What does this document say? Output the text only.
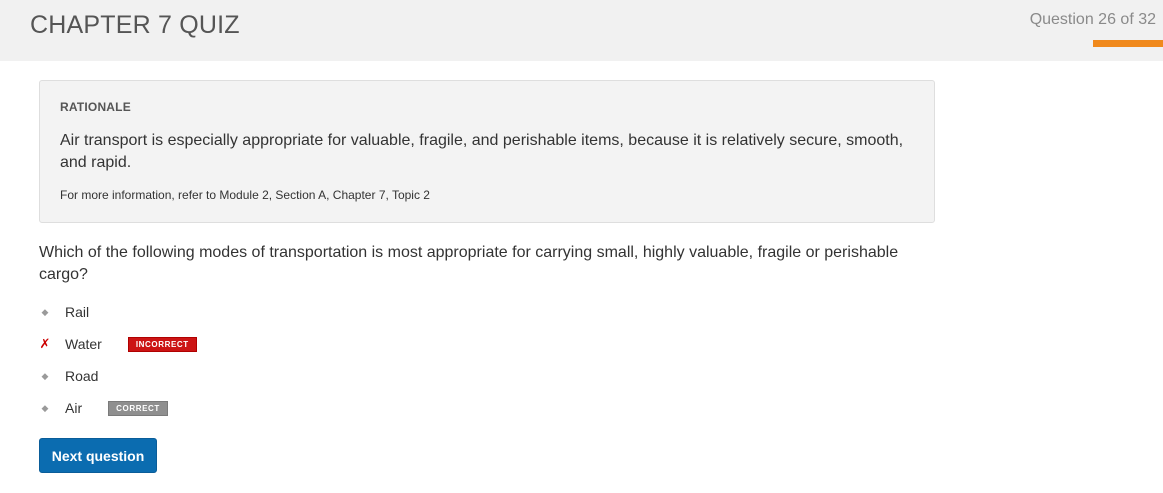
CHAPTER 7 QUIZ	Question 26 of 32
RATIONALE
Air transport is especially appropriate for valuable, fragile, and perishable items, because it is relatively secure, smooth, and rapid.
For more information, refer to Module 2, Section A, Chapter 7, Topic 2
Which of the following modes of transportation is most appropriate for carrying small, highly valuable, fragile or perishable cargo?
◆	Rail
✗ Water	INCORRECT
◆	Road
◆	Air	CORRECT
Next question
